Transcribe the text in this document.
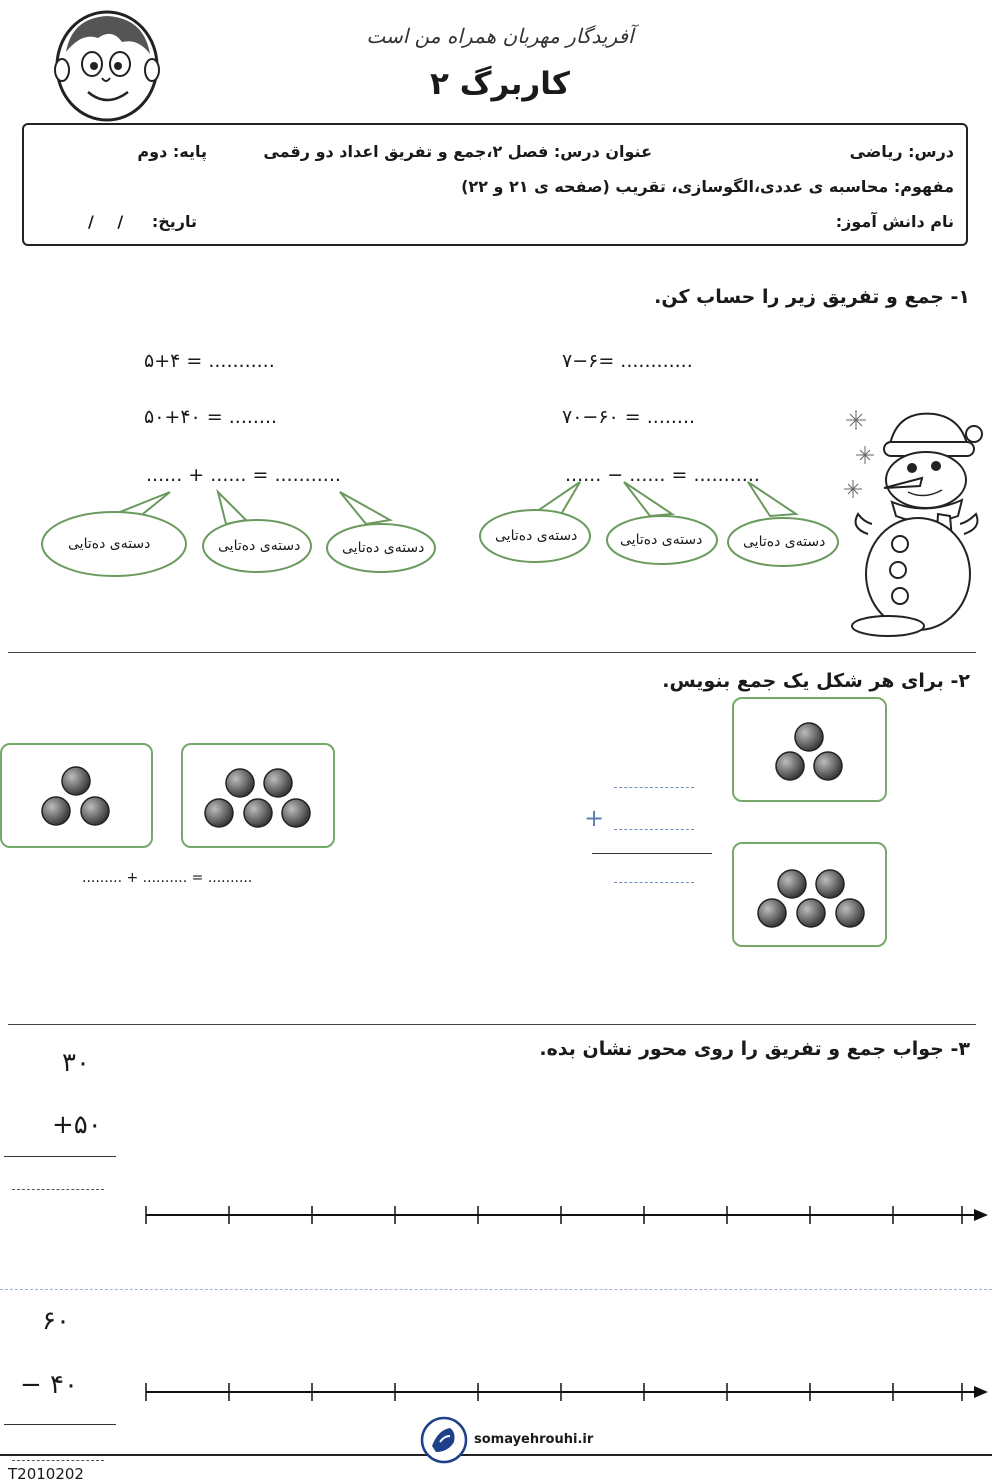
آفریدگار مهربان همراه من است
کاربرگ ۲
درس: ریاضی
عنوان درس: فصل ۲،جمع و تفریق اعداد دو رقمی
پایه: دوم
مفهوم: محاسبه ی عددی،الگوسازی، تقریب (صفحه ی ۲۱ و ۲۲)
نام دانش آموز:
تاریخ:
/ /
۱- جمع و تفریق زیر را حساب کن.
۷−۶= ............
۷۰−۶۰ = ........
...... − ...... = ...........
۵+۴ = ...........
۵۰+۴۰ = ........
...... + ...... = ...........
دسته‌ی ده‌تایی	دسته‌ی ده‌تایی	دسته‌ی ده‌تایی
دسته‌ی ده‌تایی	دسته‌ی ده‌تایی	دسته‌ی ده‌تایی
۲- برای هر شکل یک جمع بنویس.
+
......... + .......... = ..........
۳- جواب جمع و تفریق را روی محور نشان بده.
۳۰
+۵۰
۶۰
− ۴۰
somayehrouhi.ir
T2010202
